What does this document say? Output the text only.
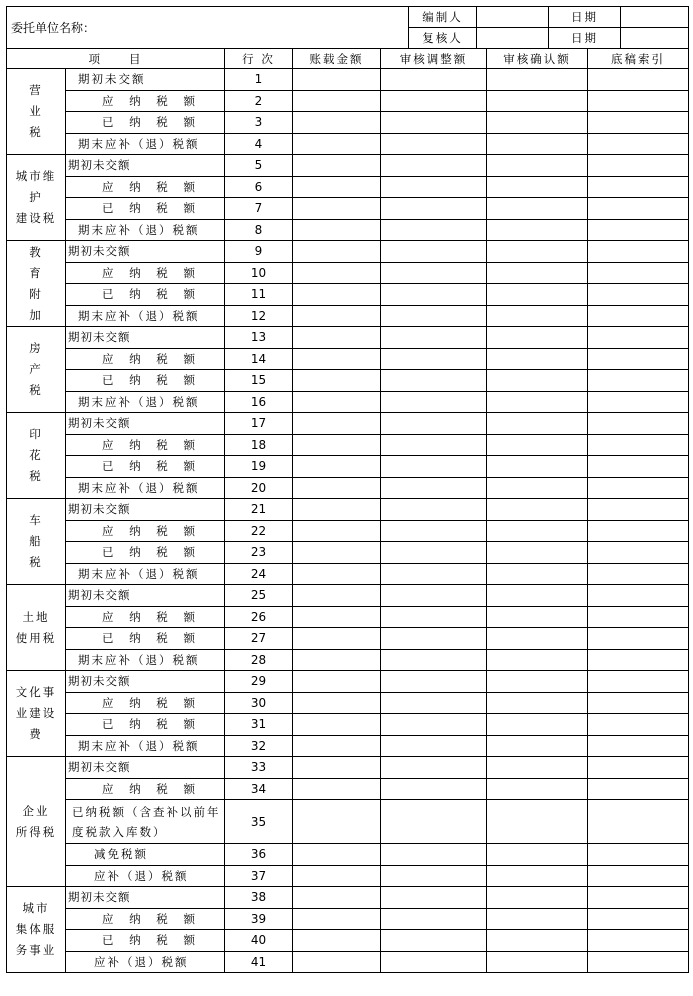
委托单位名称：	编制人		日期	
	复核人		日期	
项　　目		行 次	账载金额	审核调整额	审核确认额	底稿索引

营
业
税	期初未交额	1				
	应 纳 税 额	2				
	已 纳 税 额	3				
	期末应补（退）税额	4				

城市维
护
建设税	期初未交额	5				
	应 纳 税 额	6				
	已 纳 税 额	7				
	期末应补（退）税额	8				

教
育
附
加	期初未交额	9				
	应 纳 税 额	10				
	已 纳 税 额	11				
	期末应补（退）税额	12				

房
产
税	期初未交额	13				
	应 纳 税 额	14				
	已 纳 税 额	15				
	期末应补（退）税额	16				

印
花
税	期初未交额	17				
	应 纳 税 额	18				
	已 纳 税 额	19				
	期末应补（退）税额	20				

车
船
税	期初未交额	21				
	应 纳 税 额	22				
	已 纳 税 额	23				
	期末应补（退）税额	24				

土地
使用税	期初未交额	25				
	应 纳 税 额	26				
	已 纳 税 额	27				
	期末应补（退）税额	28				

文化事
业建设
费	期初未交额	29				
	应 纳 税 额	30				
	已 纳 税 额	31				
	期末应补（退）税额	32				

企业
所得税	期初未交额	33				
	应 纳 税 额	34				
	已纳税额（含查补以前年度税款入库数）	35				
	减免税额	36				
	应补（退）税额	37				

城市
集体服
务事业	期初未交额	38				
	应 纳 税 额	39				
	已 纳 税 额	40				
	应补（退）税额	41				
